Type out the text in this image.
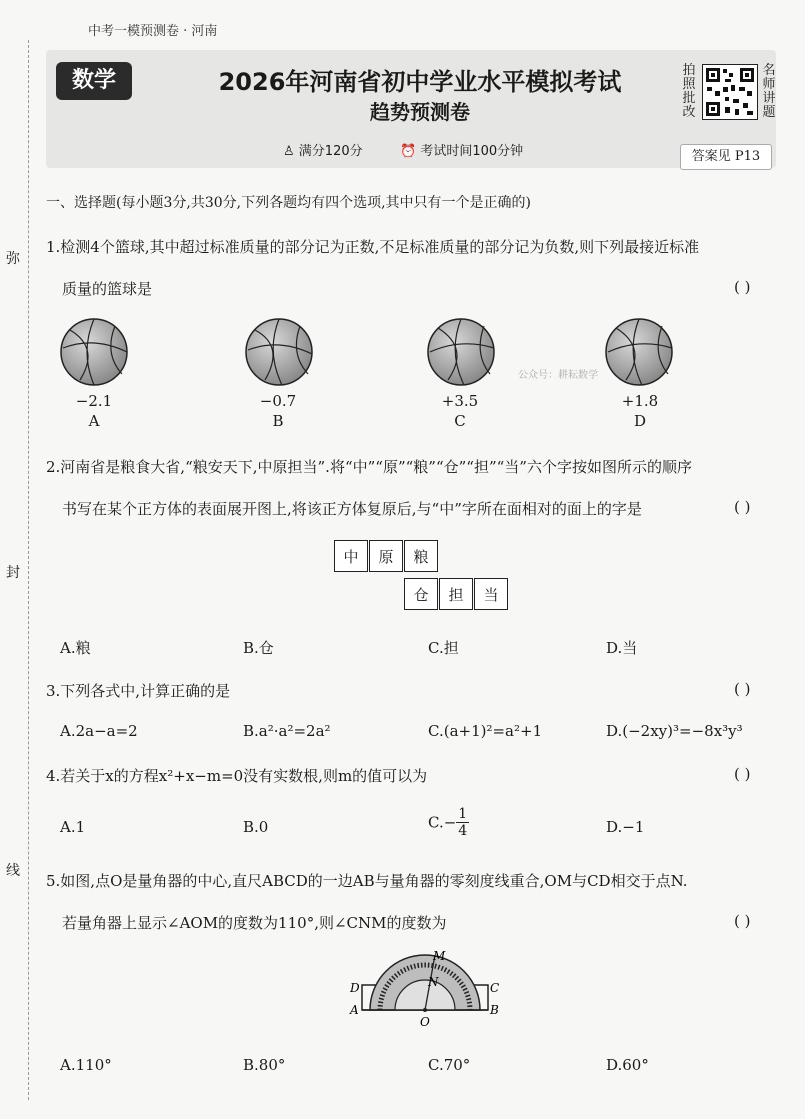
弥
封
线
中考一模预测卷 · 河南
数学	2026年河南省初中学业水平模拟考试
趋势预测卷
♙ 满分120分	⏰ 考试时间100分钟
拍照批改
名师讲题
答案见 P13
一、选择题(每小题3分,共30分,下列各题均有四个选项,其中只有一个是正确的)
1.检测4个篮球,其中超过标准质量的部分记为正数,不足标准质量的部分记为负数,则下列最接近标准
质量的篮球是	( )
公众号：耕耘数学
−2.1
A
−0.7
B
+3.5
C
+1.8
D
2.河南省是粮食大省,“粮安天下,中原担当”.将“中”“原”“粮”“仓”“担”“当”六个字按如图所示的顺序
书写在某个正方体的表面展开图上,将该正方体复原后,与“中”字所在面相对的面上的字是	( )
中	原	粮
仓	担	当
A.粮	B.仓	C.担	D.当
3.下列各式中,计算正确的是	( )
A.2a−a=2	B.a²·a²=2a²	C.(a+1)²=a²+1	D.(−2xy)³=−8x³y³
4.若关于x的方程x²+x−m=0没有实数根,则m的值可以为	( )
A.1	B.0	$C.- \frac{1}{4}$	D.−1
5.如图,点O是量角器的中心,直尺ABCD的一边AB与量角器的零刻度线重合,OM与CD相交于点N.
若量角器上显示∠AOM的度数为110°,则∠CNM的度数为	( )
M
N
O
A	B
C
D
A.110°	B.80°	C.70°	D.60°
